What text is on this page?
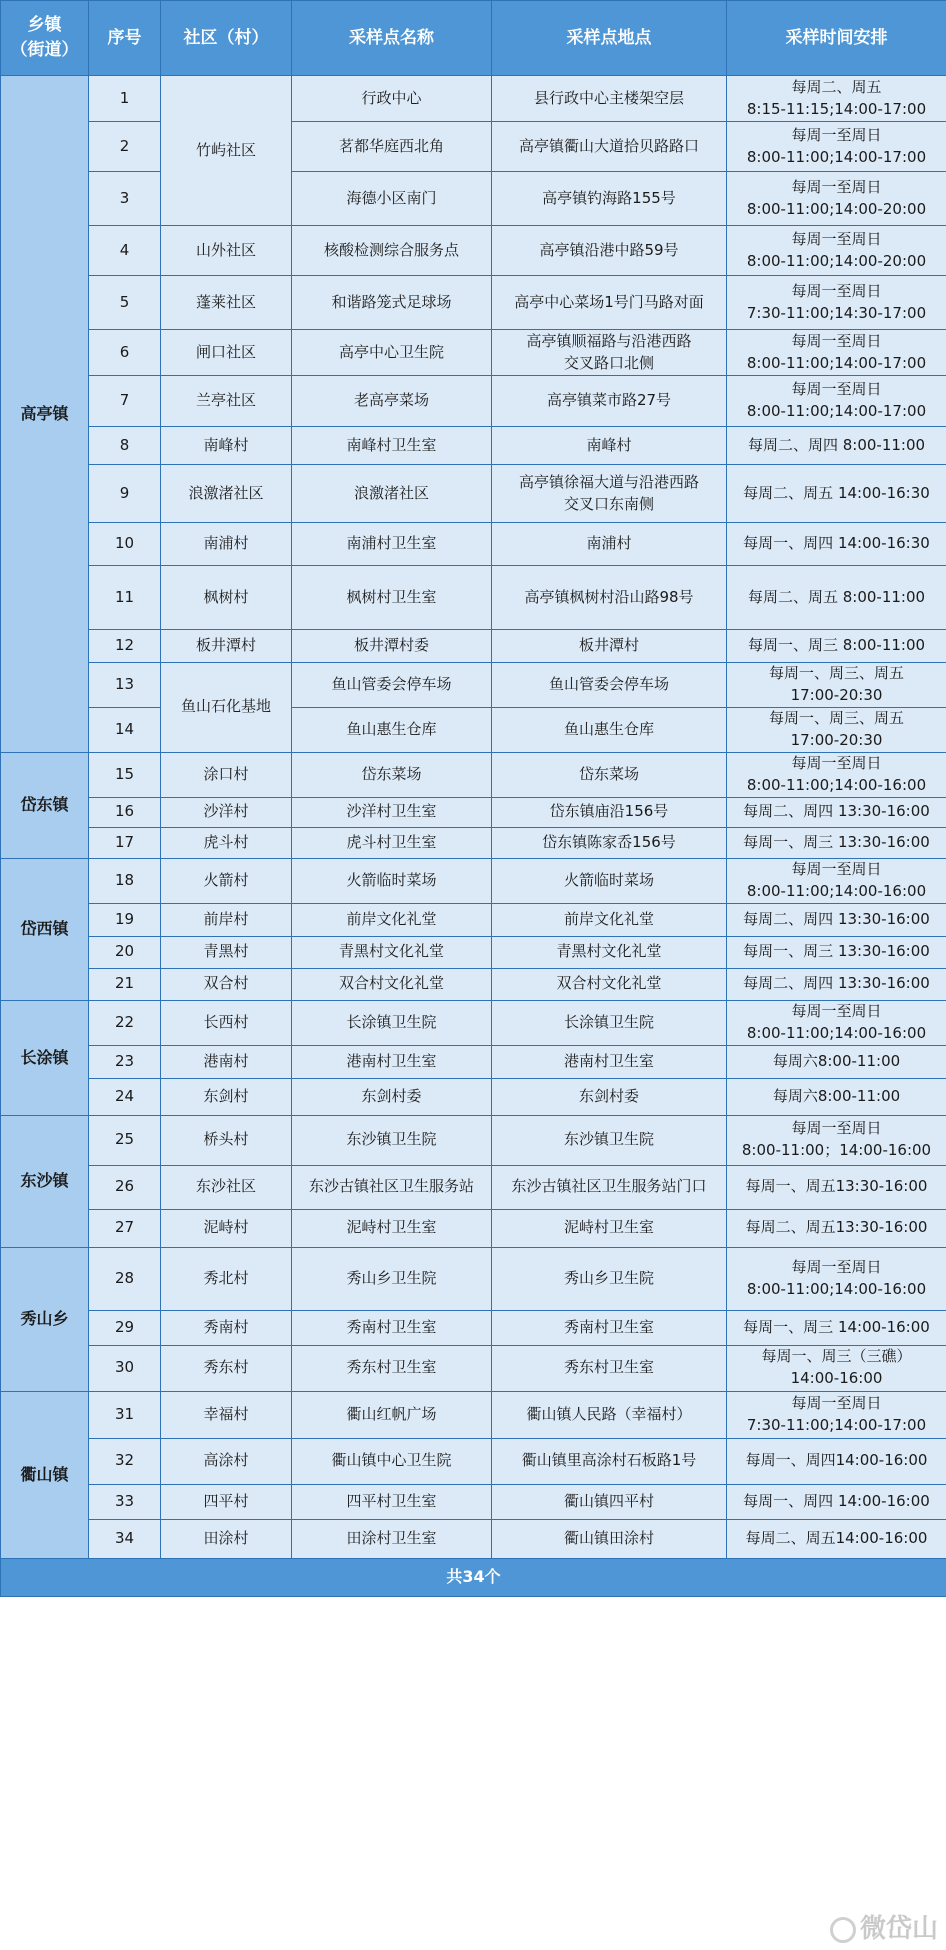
乡镇
（街道）	序号	社区（村）	采样点名称	采样点地点	采样时间安排
高亭镇	1	竹屿社区	行政中心	县行政中心主楼架空层	每周二、周五
8:15-11:15;14:00-17:00
	2		茗都华庭西北角	高亭镇衢山大道拾贝路路口	每周一至周日
8:00-11:00;14:00-17:00
	3		海德小区南门	高亭镇钓海路155号	每周一至周日
8:00-11:00;14:00-20:00
	4	山外社区	核酸检测综合服务点	高亭镇沿港中路59号	每周一至周日
8:00-11:00;14:00-20:00
	5	蓬莱社区	和谐路笼式足球场	高亭中心菜场1号门马路对面	每周一至周日
7:30-11:00;14:30-17:00
	6	闸口社区	高亭中心卫生院	高亭镇顺福路与沿港西路
交叉路口北侧	每周一至周日
8:00-11:00;14:00-17:00
	7	兰亭社区	老高亭菜场	高亭镇菜市路27号	每周一至周日
8:00-11:00;14:00-17:00
	8	南峰村	南峰村卫生室	南峰村	每周二、周四 8:00-11:00
	9	浪激渚社区	浪激渚社区	高亭镇徐福大道与沿港西路
交叉口东南侧	每周二、周五 14:00-16:30
	10	南浦村	南浦村卫生室	南浦村	每周一、周四 14:00-16:30
	11	枫树村	枫树村卫生室	高亭镇枫树村沿山路98号	每周二、周五 8:00-11:00
	12	板井潭村	板井潭村委	板井潭村	每周一、周三 8:00-11:00
	13	鱼山石化基地	鱼山管委会停车场	鱼山管委会停车场	每周一、周三、周五
17:00-20:30
	14		鱼山惠生仓库	鱼山惠生仓库	每周一、周三、周五
17:00-20:30
岱东镇	15	涂口村	岱东菜场	岱东菜场	每周一至周日
8:00-11:00;14:00-16:00
	16	沙洋村	沙洋村卫生室	岱东镇庙沿156号	每周二、周四 13:30-16:00
	17	虎斗村	虎斗村卫生室	岱东镇陈家岙156号	每周一、周三 13:30-16:00
岱西镇	18	火箭村	火箭临时菜场	火箭临时菜场	每周一至周日
8:00-11:00;14:00-16:00
	19	前岸村	前岸文化礼堂	前岸文化礼堂	每周二、周四 13:30-16:00
	20	青黑村	青黑村文化礼堂	青黑村文化礼堂	每周一、周三 13:30-16:00
	21	双合村	双合村文化礼堂	双合村文化礼堂	每周二、周四 13:30-16:00
长涂镇	22	长西村	长涂镇卫生院	长涂镇卫生院	每周一至周日
8:00-11:00;14:00-16:00
	23	港南村	港南村卫生室	港南村卫生室	每周六8:00-11:00
	24	东剑村	东剑村委	东剑村委	每周六8:00-11:00
东沙镇	25	桥头村	东沙镇卫生院	东沙镇卫生院	每周一至周日
8:00-11:00；14:00-16:00
	26	东沙社区	东沙古镇社区卫生服务站	东沙古镇社区卫生服务站门口	每周一、周五13:30-16:00
	27	泥峙村	泥峙村卫生室	泥峙村卫生室	每周二、周五13:30-16:00
秀山乡	28	秀北村	秀山乡卫生院	秀山乡卫生院	每周一至周日
8:00-11:00;14:00-16:00
	29	秀南村	秀南村卫生室	秀南村卫生室	每周一、周三 14:00-16:00
	30	秀东村	秀东村卫生室	秀东村卫生室	每周一、周三（三礁）
14:00-16:00
衢山镇	31	幸福村	衢山红帆广场	衢山镇人民路（幸福村）	每周一至周日
7:30-11:00;14:00-17:00
	32	高涂村	衢山镇中心卫生院	衢山镇里高涂村石板路1号	每周一、周四14:00-16:00
	33	四平村	四平村卫生室	衢山镇四平村	每周一、周四 14:00-16:00
	34	田涂村	田涂村卫生室	衢山镇田涂村	每周二、周五14:00-16:00
共34个					
微岱山
